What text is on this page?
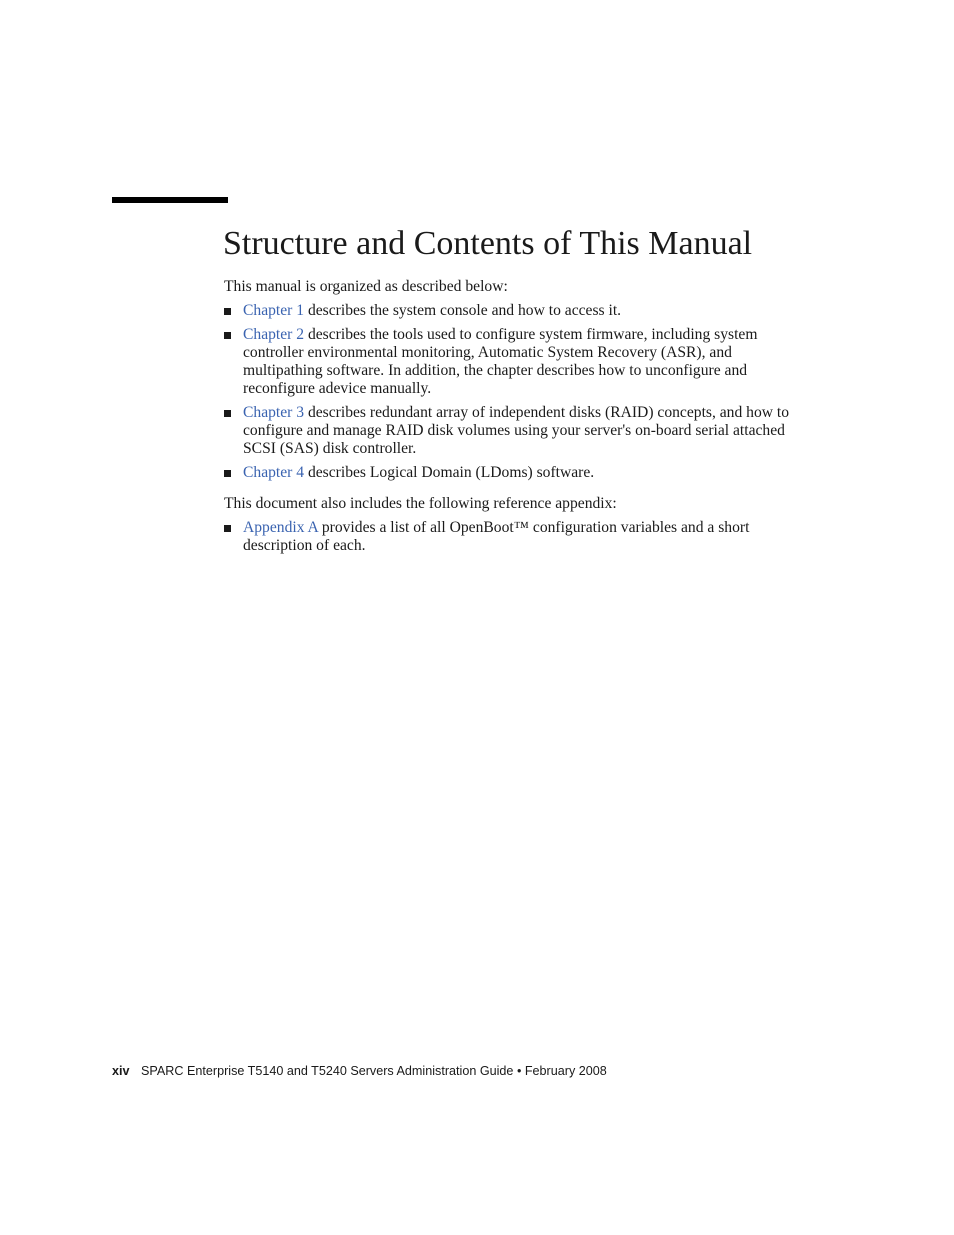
Structure and Contents of This Manual

This manual is organized as described below:

Chapter 1 describes the system console and how to access it.
Chapter 2 describes the tools used to configure system firmware, including system controller environmental monitoring, Automatic System Recovery (ASR), and multipathing software. In addition, the chapter describes how to unconfigure and reconfigure adevice manually.
Chapter 3 describes redundant array of independent disks (RAID) concepts, and how to configure and manage RAID disk volumes using your server's on-board serial attached SCSI (SAS) disk controller.
Chapter 4 describes Logical Domain (LDoms) software.

This document also includes the following reference appendix:

Appendix A provides a list of all OpenBoot™ configuration variables and a short description of each.
xiv SPARC Enterprise T5140 and T5240 Servers Administration Guide • February 2008
